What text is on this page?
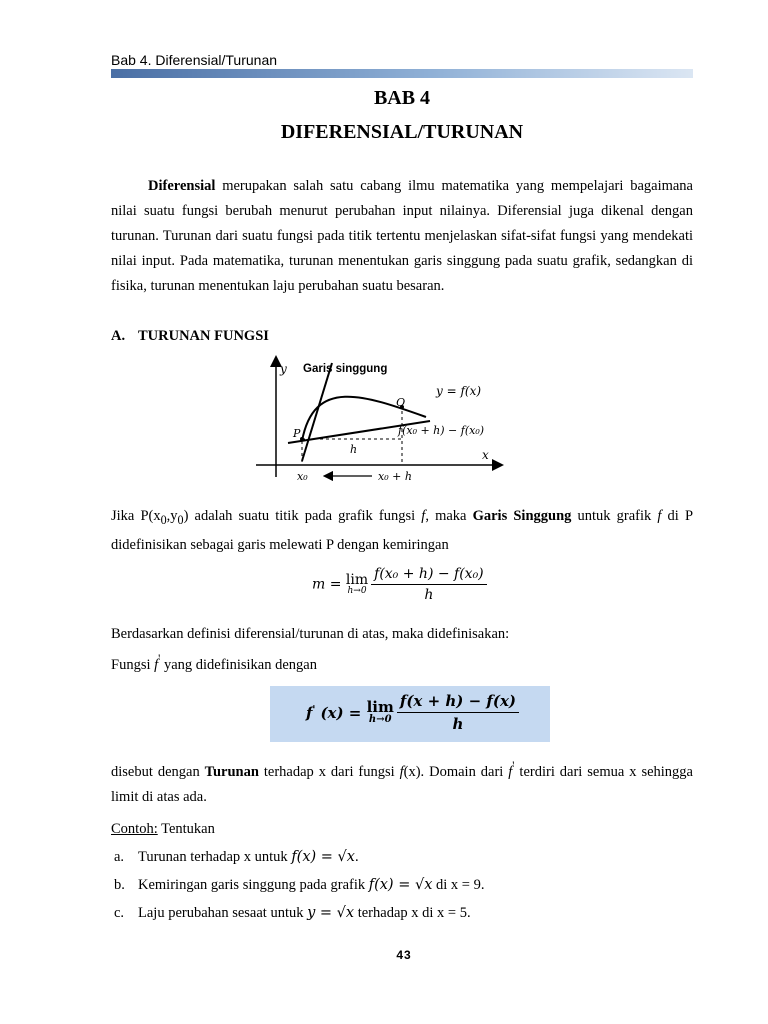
Bab 4. Diferensial/Turunan
BAB 4
DIFERENSIAL/TURUNAN
Diferensial merupakan salah satu cabang ilmu matematika yang mempelajari bagaimana nilai suatu fungsi berubah menurut perubahan input nilainya. Diferensial juga dikenal dengan turunan. Turunan dari suatu fungsi pada titik tertentu menjelaskan sifat-sifat fungsi yang mendekati nilai input. Pada matematika, turunan menentukan garis singgung pada suatu grafik, sedangkan di fisika, turunan menentukan laju perubahan suatu besaran.
A. TURUNAN FUNGSI
y Garis singgung
y = f(x)
Q
P	f(x₀ + h) − f(x₀)
h	x
x₀	x₀ + h
Jika $P(x_0,y_0)$ adalah suatu titik pada grafik fungsi f, maka Garis Singgung untuk grafik f di P didefinisikan sebagai garis melewati P dengan kemiringan
m = lim
$h\to 0 \frac{\text{f(x₀ + h) − f(x₀)}}{h}$
Berdasarkan definisi diferensial/turunan di atas, maka didefinisakan:
Fungsi f' yang didefinisikan dengan
f' (x) = lim
$h\to 0 \frac{f(x + h) - f(x)}{h}$
disebut dengan Turunan terhadap x dari fungsi f(x). Domain dari f' terdiri dari semua x sehingga limit di atas ada.
Contoh: Tentukan
a. Turunan terhadap x untuk f(x) = √x.
b. Kemiringan garis singgung pada grafik f(x) = √x di x = 9.
c. Laju perubahan sesaat untuk y = √x terhadap x di x = 5.
43
